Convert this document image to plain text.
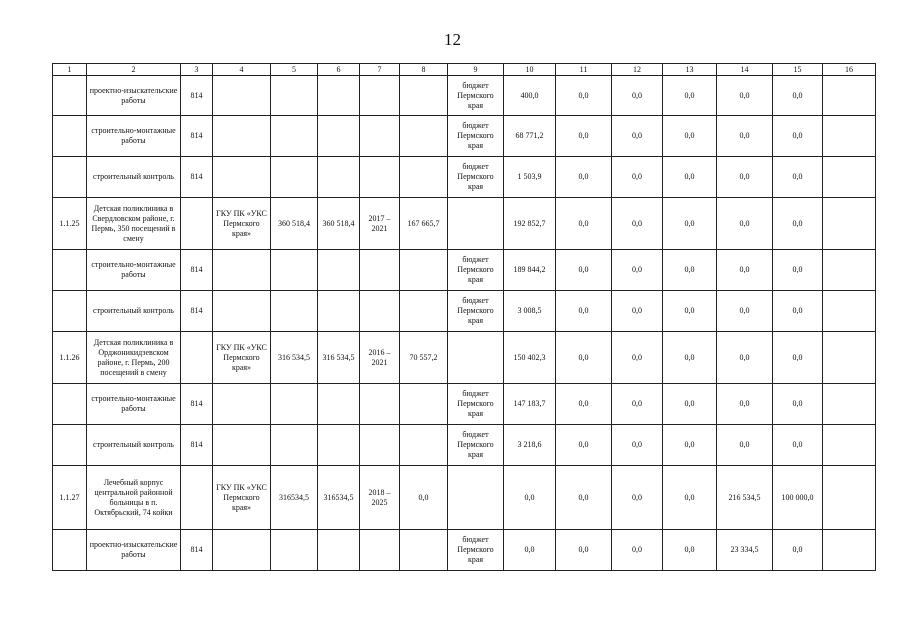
12
1	2	3	4	5	6	7	8	9	10	11	12	13	14	15	16
	проектно-изыскательские работы	814						бюджет Пермского края	400,0	0,0	0,0	0,0	0,0	0,0	
	строительно-монтажные работы	814						бюджет Пермского края	68 771,2	0,0	0,0	0,0	0,0	0,0	
	строительный контроль	814						бюджет Пермского края	1 503,9	0,0	0,0	0,0	0,0	0,0	
1.1.25	Детская поликлиника в Свердловском районе, г. Пермь, 350 посещений в смену		ГКУ ПК «УКС Пермского края»	360 518,4	360 518,4	2017 – 2021	167 665,7		192 852,7	0,0	0,0	0,0	0,0	0,0	
	строительно-монтажные работы	814						бюджет Пермского края	189 844,2	0,0	0,0	0,0	0,0	0,0	
	строительный контроль	814						бюджет Пермского края	3 008,5	0,0	0,0	0,0	0,0	0,0	
1.1.26	Детская поликлиника в Орджоникидзевском районе, г. Пермь, 200 посещений в смену		ГКУ ПК «УКС Пермского края»	316 534,5	316 534,5	2016 – 2021	70 557,2		150 402,3	0,0	0,0	0,0	0,0	0,0	
	строительно-монтажные работы	814						бюджет Пермского края	147 183,7	0,0	0,0	0,0	0,0	0,0	
	строительный контроль	814						бюджет Пермского края	3 218,6	0,0	0,0	0,0	0,0	0,0	
1.1.27	Лечебный корпус центральной районной больницы в п. Октябрьский, 74 койки		ГКУ ПК «УКС Пермского края»	316534,5	316534,5	2018 – 2025	0,0		0,0	0,0	0,0	0,0	216 534,5	100 000,0	
	проектно-изыскательские работы	814						бюджет Пермского края	0,0	0,0	0,0	0,0	23 334,5	0,0	
